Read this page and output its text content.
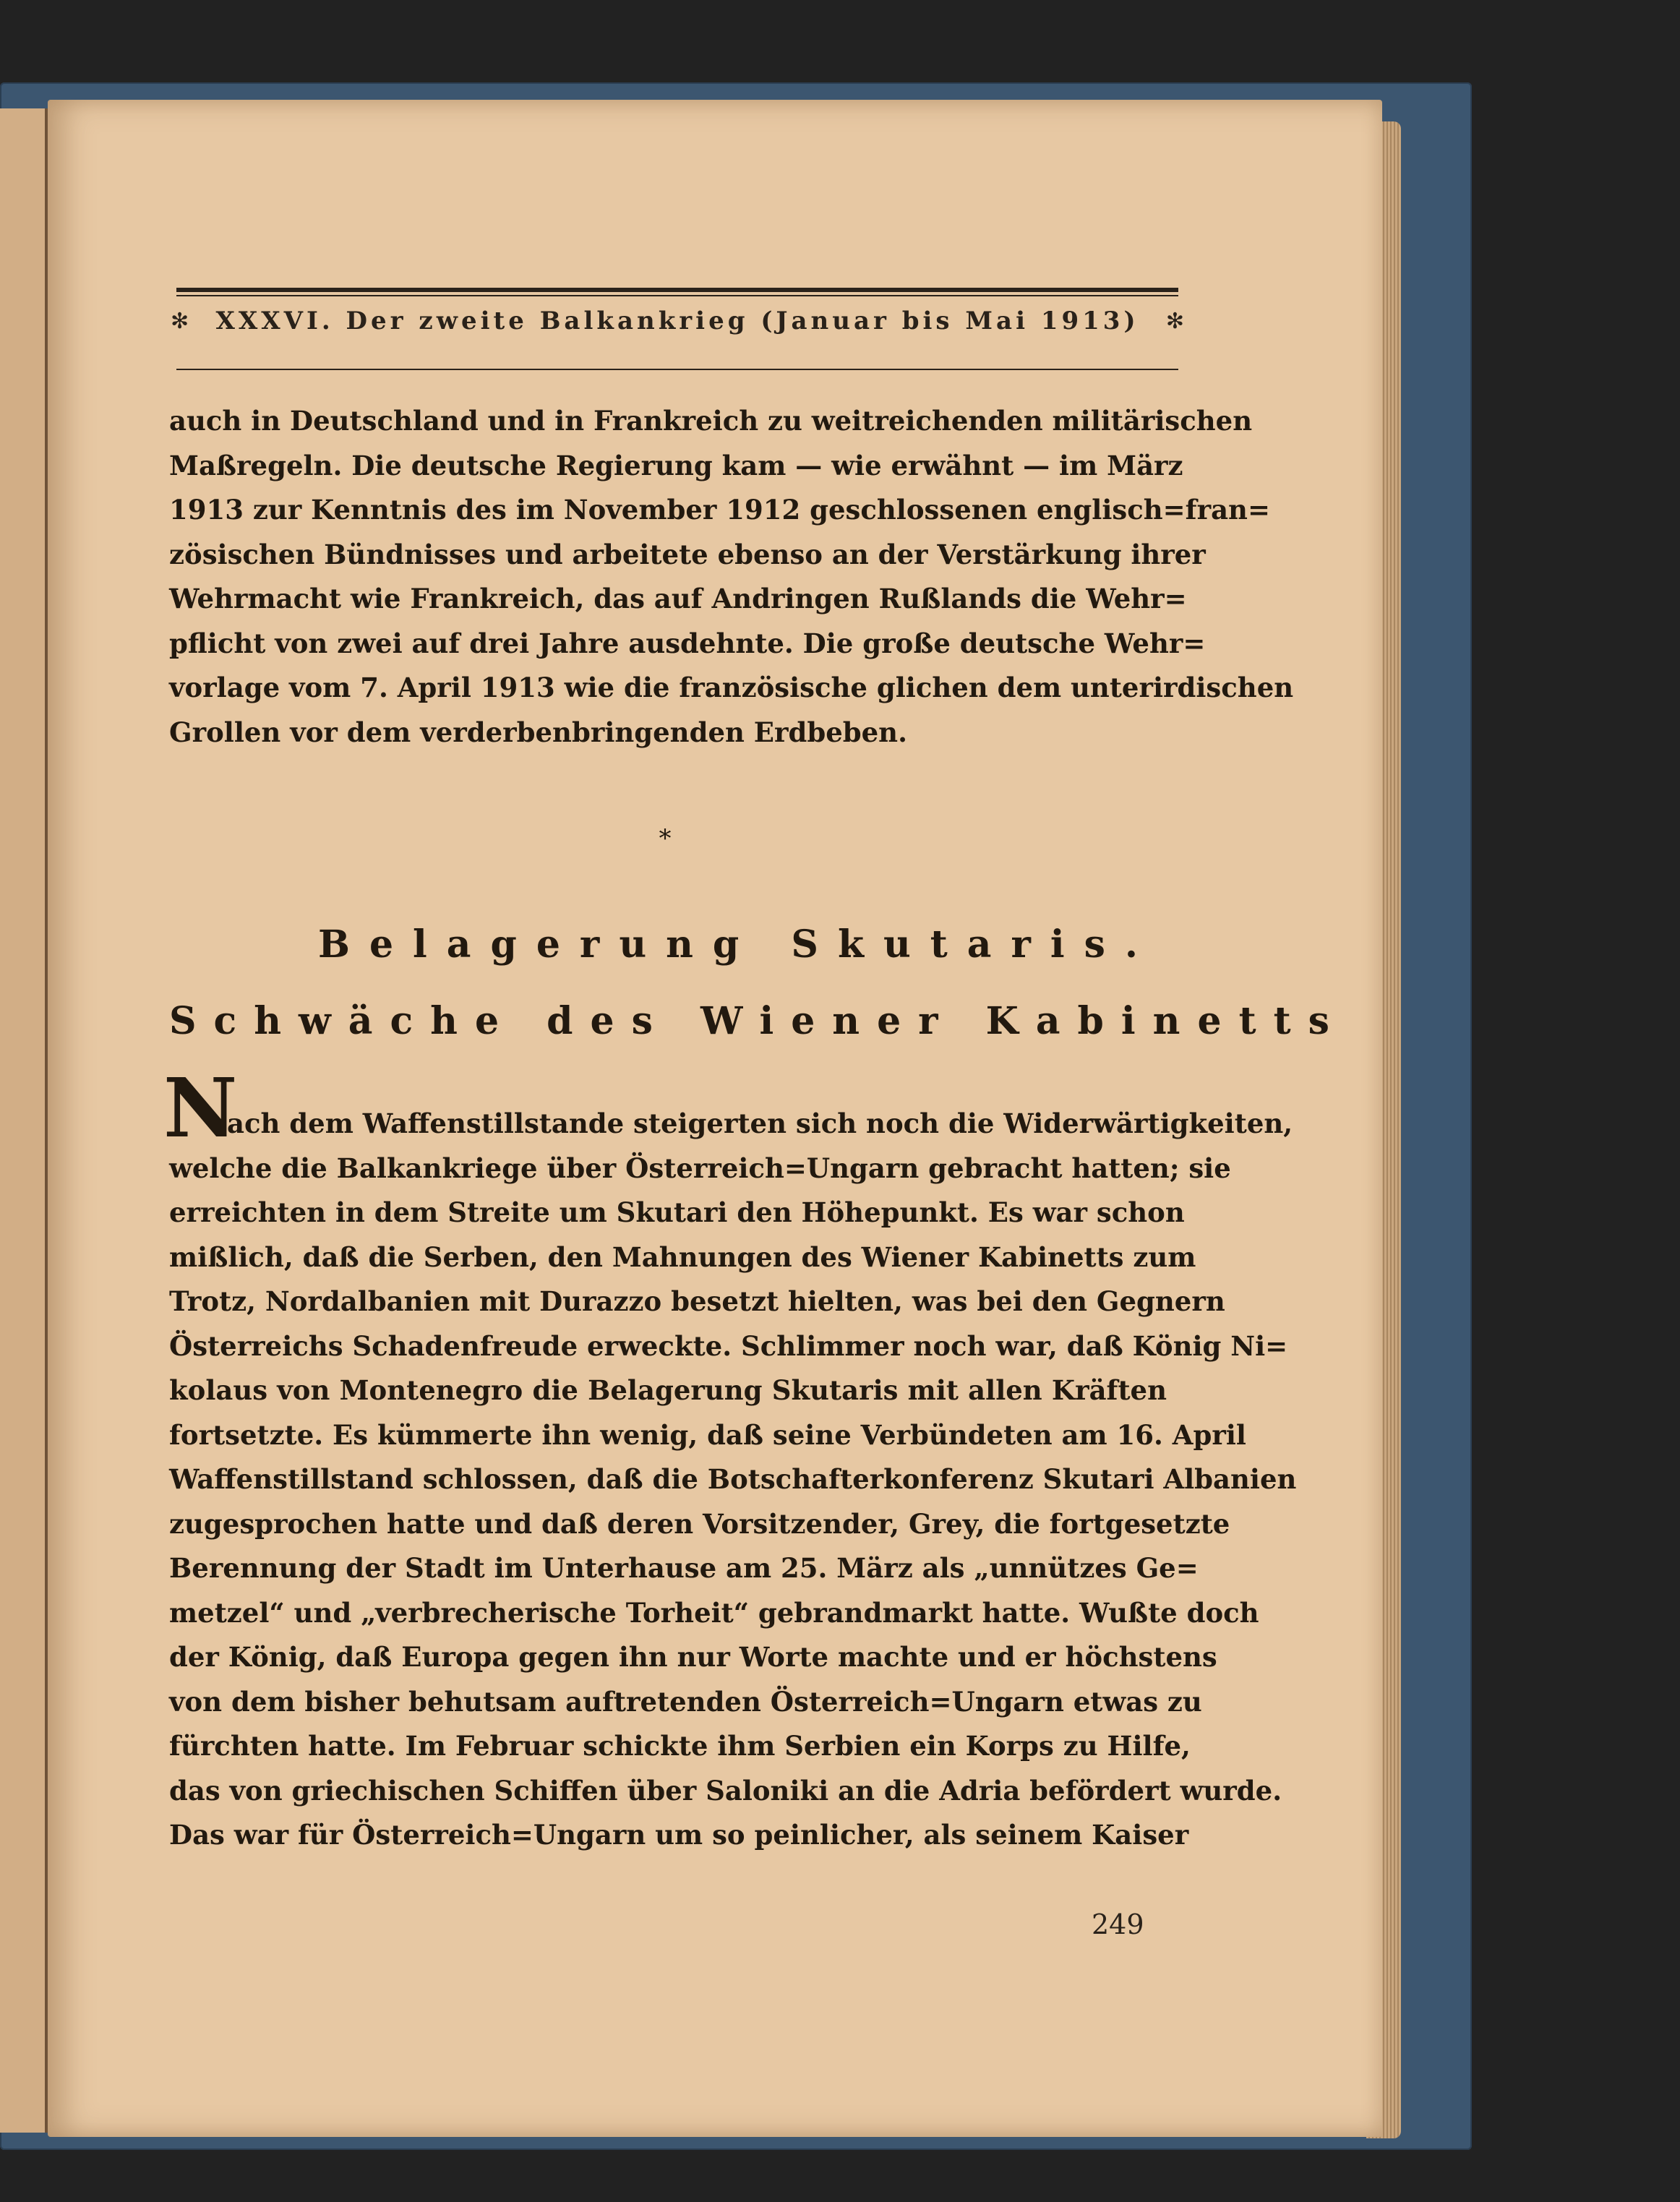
✻ XXXVI. Der zweite Balkankrieg (Januar bis Mai 1913) ✻
auch in Deutschland und in Frankreich zu weitreichenden militärischen
Maßregeln. Die deutsche Regierung kam — wie erwähnt — im März
1913 zur Kenntnis des im November 1912 geschlossenen englisch=fran=
zösischen Bündnisses und arbeitete ebenso an der Verstärkung ihrer
Wehrmacht wie Frankreich, das auf Andringen Rußlands die Wehr=
pflicht von zwei auf drei Jahre ausdehnte. Die große deutsche Wehr=
vorlage vom 7. April 1913 wie die französische glichen dem unterirdischen
Grollen vor dem verderbenbringenden Erdbeben.
*
Belagerung Skutaris.
Schwäche des Wiener Kabinetts
N
ach dem Waffenstillstande steigerten sich noch die Widerwärtigkeiten,
welche die Balkankriege über Österreich=Ungarn gebracht hatten; sie
erreichten in dem Streite um Skutari den Höhepunkt. Es war schon
mißlich, daß die Serben, den Mahnungen des Wiener Kabinetts zum
Trotz, Nordalbanien mit Durazzo besetzt hielten, was bei den Gegnern
Österreichs Schadenfreude erweckte. Schlimmer noch war, daß König Ni=
kolaus von Montenegro die Belagerung Skutaris mit allen Kräften
fortsetzte. Es kümmerte ihn wenig, daß seine Verbündeten am 16. April
Waffenstillstand schlossen, daß die Botschafterkonferenz Skutari Albanien
zugesprochen hatte und daß deren Vorsitzender, Grey, die fortgesetzte
Berennung der Stadt im Unterhause am 25. März als „unnützes Ge=
metzel“ und „verbrecherische Torheit“ gebrandmarkt hatte. Wußte doch
der König, daß Europa gegen ihn nur Worte machte und er höchstens
von dem bisher behutsam auftretenden Österreich=Ungarn etwas zu
fürchten hatte. Im Februar schickte ihm Serbien ein Korps zu Hilfe,
das von griechischen Schiffen über Saloniki an die Adria befördert wurde.
Das war für Österreich=Ungarn um so peinlicher, als seinem Kaiser
249
